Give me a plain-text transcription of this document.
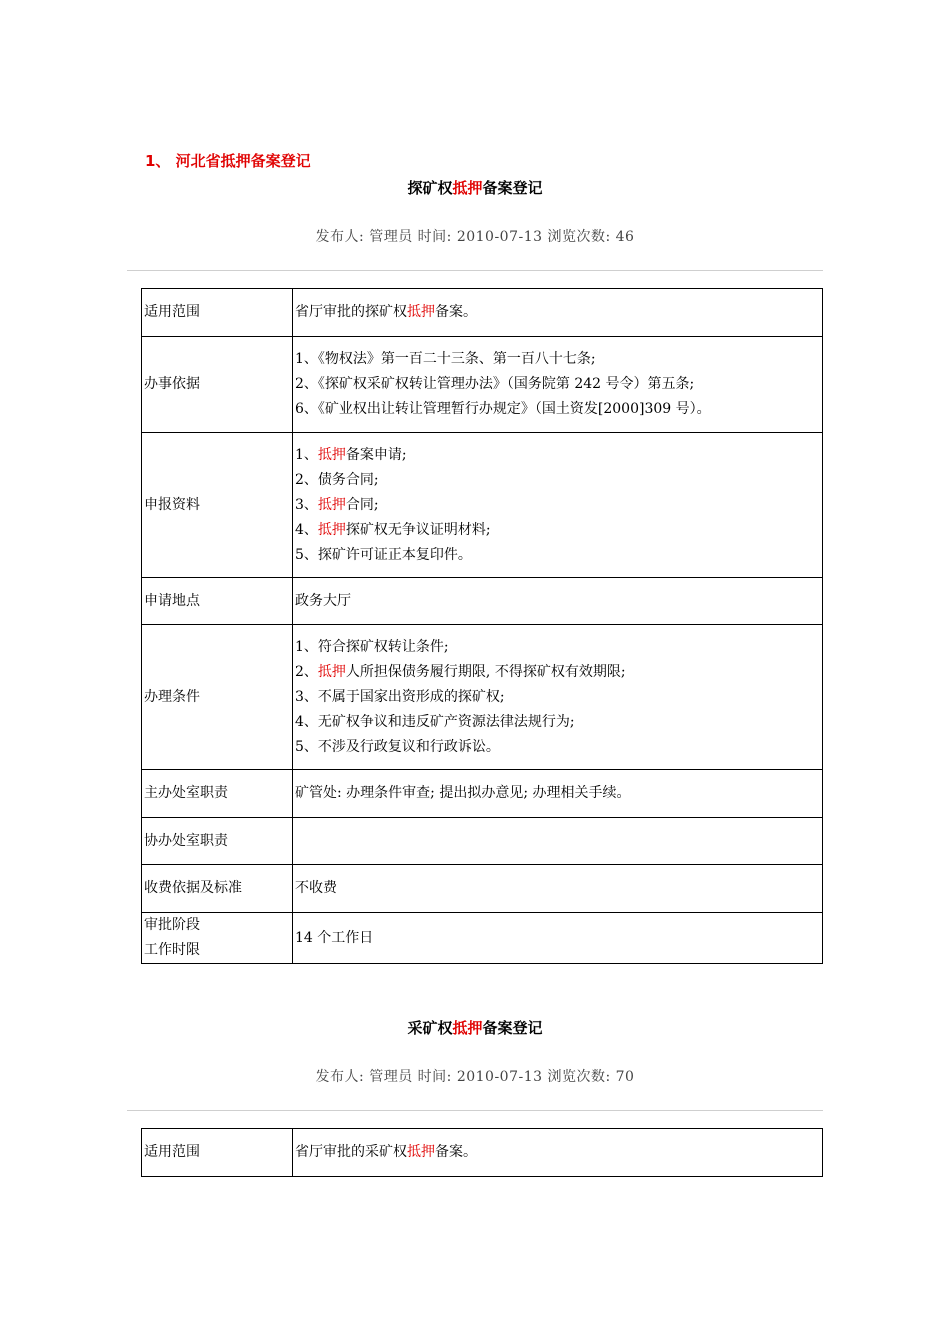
1、 河北省抵押备案登记
探矿权抵押备案登记
发布人: 管理员 时间: 2010-07-13 浏览次数: 46
适用范围	省厅审批的探矿权抵押备案。
办事依据	1、《物权法》第一百二十三条、第一百八十七条;
2、《探矿权采矿权转让管理办法》（国务院第 242 号令）第五条;
6、《矿业权出让转让管理暂行办规定》（国土资发[2000]309 号）。

申报资料	1、抵押备案申请;
2、债务合同;
3、抵押合同;
4、抵押探矿权无争议证明材料;
5、探矿许可证正本复印件。

申请地点	政务大厅
办理条件	1、符合探矿权转让条件;
2、抵押人所担保债务履行期限, 不得探矿权有效期限;
3、不属于国家出资形成的探矿权;
4、无矿权争议和违反矿产资源法律法规行为;
5、不涉及行政复议和行政诉讼。

主办处室职责	矿管处: 办理条件审查; 提出拟办意见; 办理相关手续。
协办处室职责	
收费依据及标准	不收费

审批阶段
工作时限	14 个工作日
采矿权抵押备案登记
发布人: 管理员 时间: 2010-07-13 浏览次数: 70
适用范围	省厅审批的采矿权抵押备案。
